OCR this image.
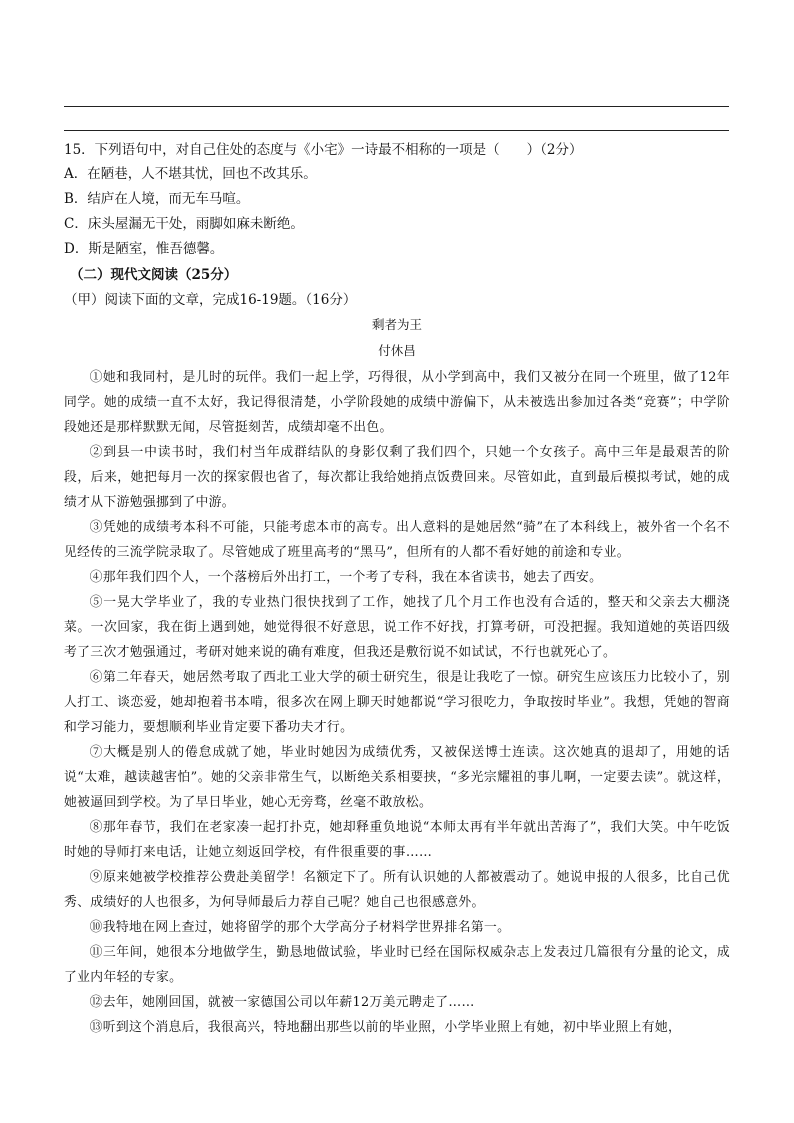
15．下列语句中，对自己住处的态度与《小宅》一诗最不相称的一项是（　　）（2分）
A．在陋巷，人不堪其忧，回也不改其乐。
B．结庐在人境，而无车马喧。
C．床头屋漏无干处，雨脚如麻未断绝。
D．斯是陋室，惟吾德馨。
（二）现代文阅读（25分）
（甲）阅读下面的文章，完成16-19题。（16分）
剩者为王
付休昌

①她和我同村，是儿时的玩伴。我们一起上学，巧得很，从小学到高中，我们又被分在同一个班里，做了12年同学。她的成绩一直不太好，我记得很清楚，小学阶段她的成绩中游偏下，从未被选出参加过各类“竞赛”；中学阶段她还是那样默默无闻，尽管挺刻苦，成绩却毫不出色。

②到县一中读书时，我们村当年成群结队的身影仅剩了我们四个，只她一个女孩子。高中三年是最艰苦的阶段，后来，她把每月一次的探家假也省了，每次都让我给她捎点饭费回来。尽管如此，直到最后模拟考试，她的成绩才从下游勉强挪到了中游。

③凭她的成绩考本科不可能，只能考虑本市的高专。出人意料的是她居然“骑”在了本科线上，被外省一个名不见经传的三流学院录取了。尽管她成了班里高考的“黑马”，但所有的人都不看好她的前途和专业。

④那年我们四个人，一个落榜后外出打工，一个考了专科，我在本省读书，她去了西安。

⑤一晃大学毕业了，我的专业热门很快找到了工作，她找了几个月工作也没有合适的，整天和父亲去大棚浇菜。一次回家，我在街上遇到她，她觉得很不好意思，说工作不好找，打算考研，可没把握。我知道她的英语四级考了三次才勉强通过，考研对她来说的确有难度，但我还是敷衍说不如试试，不行也就死心了。

⑥第二年春天，她居然考取了西北工业大学的硕士研究生，很是让我吃了一惊。研究生应该压力比较小了，别人打工、谈恋爱，她却抱着书本啃，很多次在网上聊天时她都说“学习很吃力，争取按时毕业”。我想，凭她的智商和学习能力，要想顺利毕业肯定要下番功夫才行。

⑦大概是别人的倦怠成就了她，毕业时她因为成绩优秀，又被保送博士连读。这次她真的退却了，用她的话说“太难，越读越害怕”。她的父亲非常生气，以断绝关系相要挟，“多光宗耀祖的事儿啊，一定要去读”。就这样，她被逼回到学校。为了早日毕业，她心无旁骛，丝毫不敢放松。

⑧那年春节，我们在老家凑一起打扑克，她却释重负地说“本师太再有半年就出苦海了”，我们大笑。中午吃饭时她的导师打来电话，让她立刻返回学校，有件很重要的事……

⑨原来她被学校推荐公费赴美留学！名额定下了。所有认识她的人都被震动了。她说申报的人很多，比自己优秀、成绩好的人也很多，为何导师最后力荐自己呢？她自己也很感意外。

⑩我特地在网上查过，她将留学的那个大学高分子材料学世界排名第一。

⑪三年间，她很本分地做学生，勤恳地做试验，毕业时已经在国际权威杂志上发表过几篇很有分量的论文，成了业内年轻的专家。

⑫去年，她刚回国，就被一家德国公司以年薪12万美元聘走了……

⑬听到这个消息后，我很高兴，特地翻出那些以前的毕业照，小学毕业照上有她，初中毕业照上有她，
